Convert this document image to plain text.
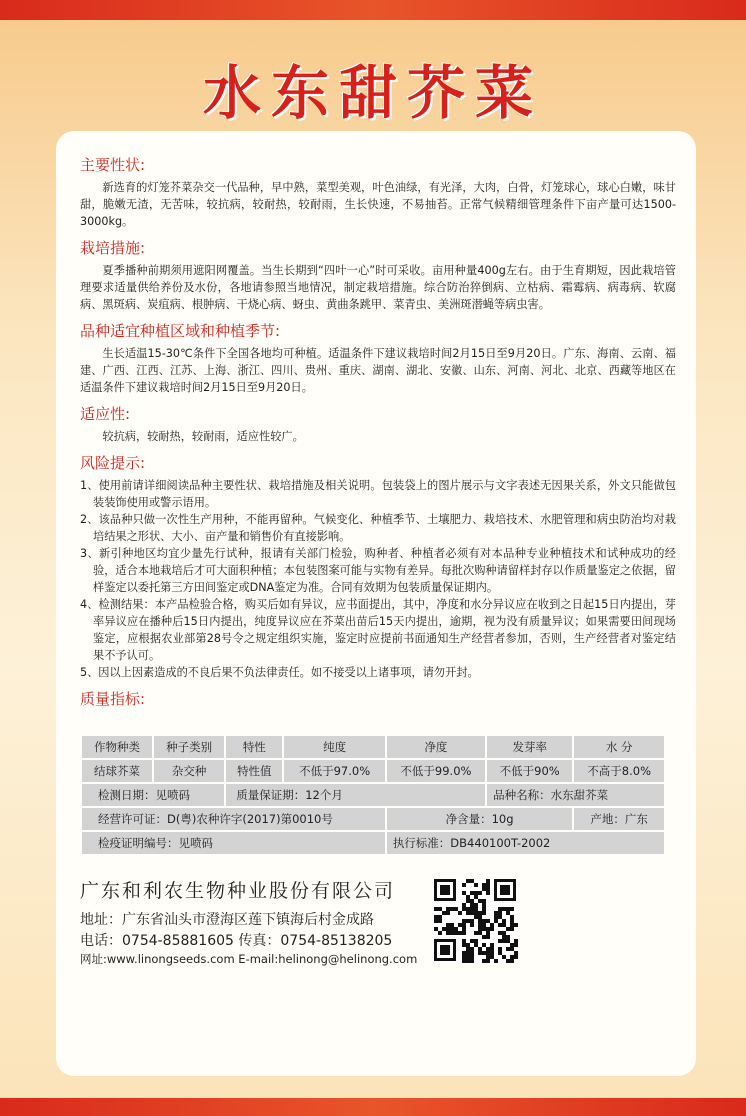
水东甜芥菜
主要性状:
新选育的灯笼芥菜杂交一代品种，早中熟，菜型美观，叶色油绿，有光泽，大肉，白骨，灯笼球心，球心白嫩，味甘甜，脆嫩无渣，无苦味，较抗病，较耐热，较耐雨，生长快速，不易抽苔。正常气候精细管理条件下亩产量可达1500-3000kg。
栽培措施:
夏季播种前期须用遮阳网覆盖。当生长期到“四叶一心”时可采收。亩用种量400g左右。由于生育期短，因此栽培管理要求适量供给养份及水份，各地请参照当地情况，制定栽培措施。综合防治猝倒病、立枯病、霜霉病、病毒病、软腐病、黑斑病、炭疽病、根肿病、干烧心病、蚜虫、黄曲条跳甲、菜青虫、美洲斑潜蝇等病虫害。
品种适宜种植区域和种植季节:
生长适温15-30℃条件下全国各地均可种植。适温条件下建议栽培时间2月15日至9月20日。广东、海南、云南、福建、广西、江西、江苏、上海、浙江、四川、贵州、重庆、湖南、湖北、安徽、山东、河南、河北、北京、西藏等地区在适温条件下建议栽培时间2月15日至9月20日。
适应性:
较抗病，较耐热，较耐雨，适应性较广。
风险提示:
1、使用前请详细阅读品种主要性状、栽培措施及相关说明。包装袋上的图片展示与文字表述无因果关系，外文只能做包装装饰使用或警示语用。
2、该品种只做一次性生产用种，不能再留种。气候变化、种植季节、土壤肥力、栽培技术、水肥管理和病虫防治均对栽培结果之形状、大小、亩产量和销售价有直接影响。
3、新引种地区均宜少量先行试种，报请有关部门检验，购种者、种植者必须有对本品种专业种植技术和试种成功的经验，适合本地栽培后才可大面积种植；本包装图案可能与实物有差异。每批次购种请留样封存以作质量鉴定之依据，留样鉴定以委托第三方田间鉴定或DNA鉴定为准。合同有效期为包装质量保证期内。
4、检测结果：本产品检验合格，购买后如有异议，应书面提出，其中，净度和水分异议应在收到之日起15日内提出，芽率异议应在播种后15日内提出，纯度异议应在芥菜出苗后15天内提出，逾期，视为没有质量异议；如果需要田间现场鉴定，应根据农业部第28号令之规定组织实施，鉴定时应提前书面通知生产经营者参加，否则，生产经营者对鉴定结果不予认可。
5、因以上因素造成的不良后果不负法律责任。如不接受以上诸事项，请勿开封。
质量指标:
作物种类	种子类别	特性	纯度	净度	发芽率	水 分
结球芥菜	杂交种	特性值	不低于97.0%	不低于99.0%	不低于90%	不高于8.0%
检测日期：见喷码		质量保证期：12个月			品种名称：水东甜芥菜	
经营许可证：D(粤)农种许字(2017)第0010号				净含量：10g		产地：广东
检疫证明编号：见喷码				执行标准：DB440100T-2002		
广东和利农生物种业股份有限公司
地址：广东省汕头市澄海区莲下镇海后村金成路
电话：0754-85881605 传真：0754-85138205
网址:www.linongseeds.com E-mail:helinong@helinong.com
